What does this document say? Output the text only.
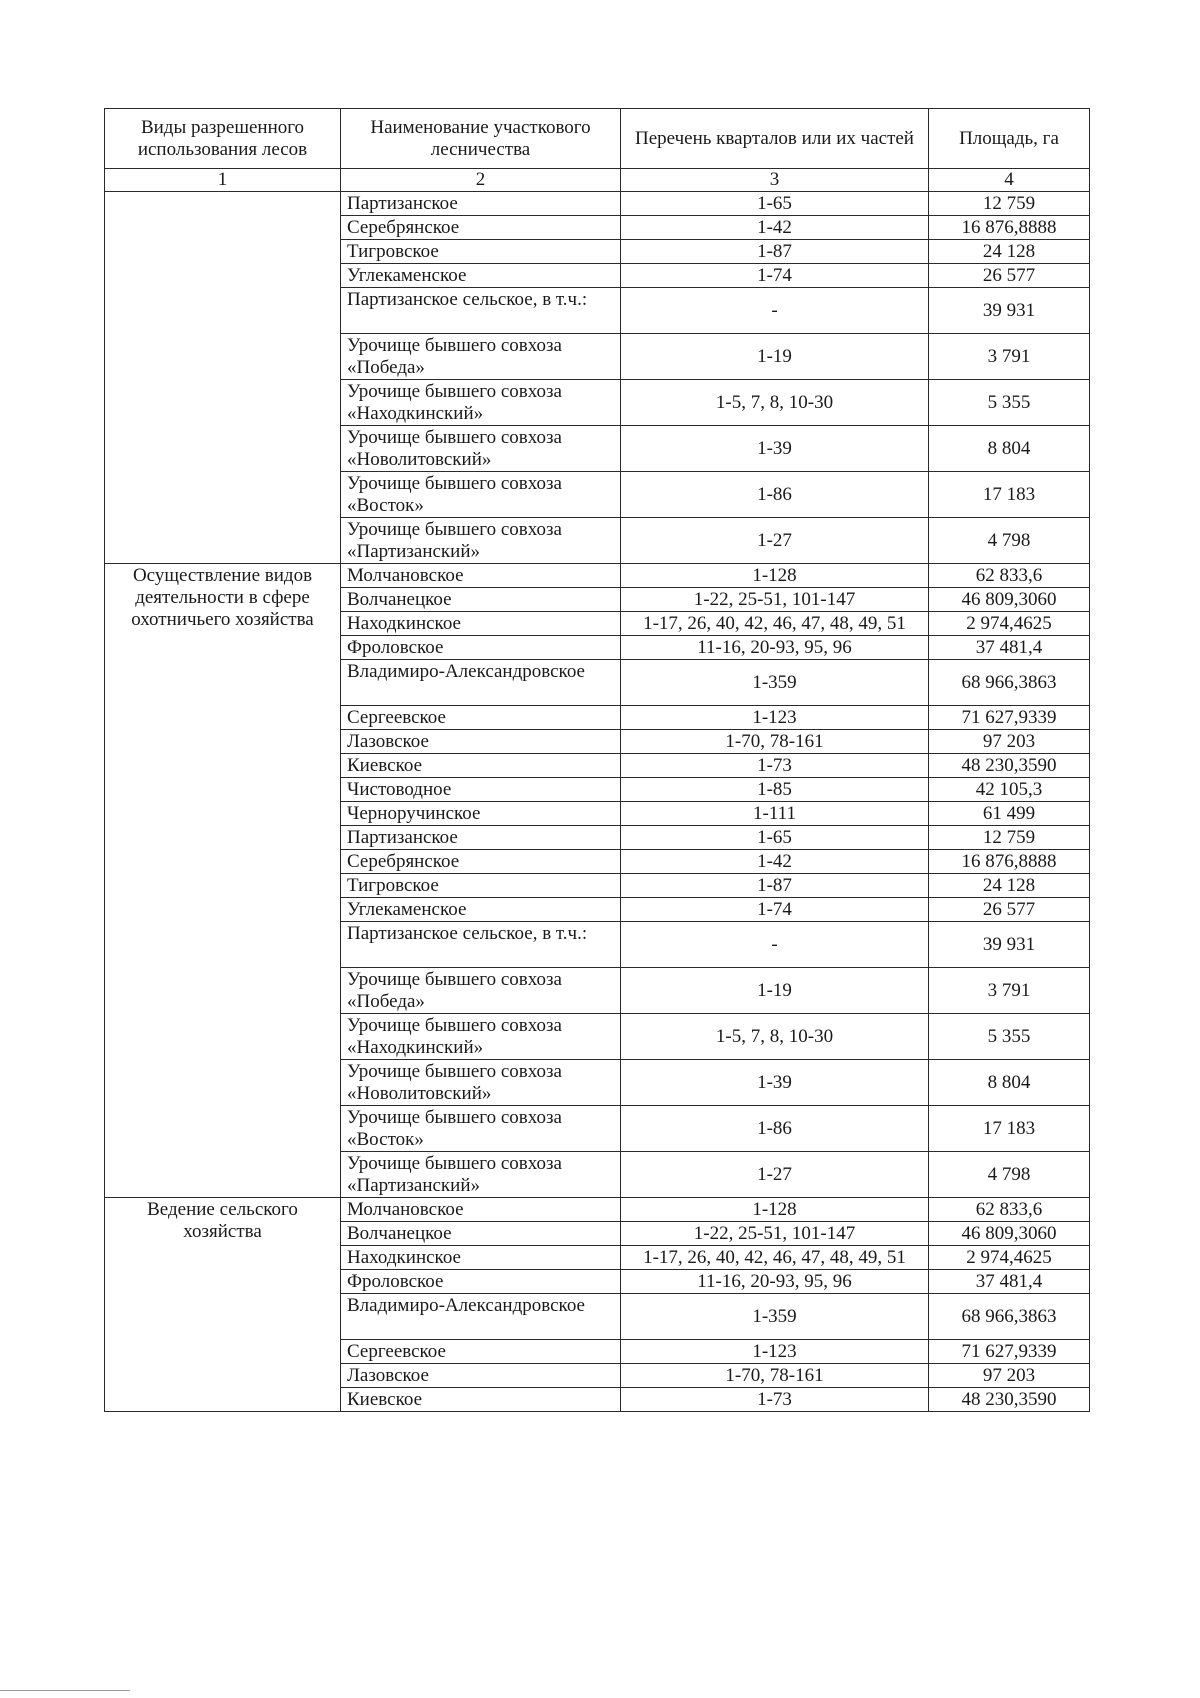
Виды разрешенного использования лесов	Наименование участкового лесничества	Перечень кварталов или их частей	Площадь, га
1	2	3	4
	Партизанское	1-65	12 759
	Серебрянское	1-42	16 876,8888
	Тигровское	1-87	24 128
	Углекаменское	1-74	26 577
	Партизанское сельское, в т.ч.:	-	39 931
	Урочище бывшего совхоза «Победа»	1-19	3 791
	Урочище бывшего совхоза «Находкинский»	1-5, 7, 8, 10-30	5 355
	Урочище бывшего совхоза «Новолитовский»	1-39	8 804
	Урочище бывшего совхоза «Восток»	1-86	17 183
	Урочище бывшего совхоза «Партизанский»	1-27	4 798
Осуществление видов деятельности в сфере охотничьего хозяйства	Молчановское	1-128	62 833,6
	Волчанецкое	1-22, 25-51, 101-147	46 809,3060
	Находкинское	1-17, 26, 40, 42, 46, 47, 48, 49, 51	2 974,4625
	Фроловское	11-16, 20-93, 95, 96	37 481,4
	Владимиро-Александровское	1-359	68 966,3863
	Сергеевское	1-123	71 627,9339
	Лазовское	1-70, 78-161	97 203
	Киевское	1-73	48 230,3590
	Чистоводное	1-85	42 105,3
	Черноручинское	1-111	61 499
	Партизанское	1-65	12 759
	Серебрянское	1-42	16 876,8888
	Тигровское	1-87	24 128
	Углекаменское	1-74	26 577
	Партизанское сельское, в т.ч.:	-	39 931
	Урочище бывшего совхоза «Победа»	1-19	3 791
	Урочище бывшего совхоза «Находкинский»	1-5, 7, 8, 10-30	5 355
	Урочище бывшего совхоза «Новолитовский»	1-39	8 804
	Урочище бывшего совхоза «Восток»	1-86	17 183
	Урочище бывшего совхоза «Партизанский»	1-27	4 798
Ведение сельского хозяйства	Молчановское	1-128	62 833,6
	Волчанецкое	1-22, 25-51, 101-147	46 809,3060
	Находкинское	1-17, 26, 40, 42, 46, 47, 48, 49, 51	2 974,4625
	Фроловское	11-16, 20-93, 95, 96	37 481,4
	Владимиро-Александровское	1-359	68 966,3863
	Сергеевское	1-123	71 627,9339
	Лазовское	1-70, 78-161	97 203
	Киевское	1-73	48 230,3590
